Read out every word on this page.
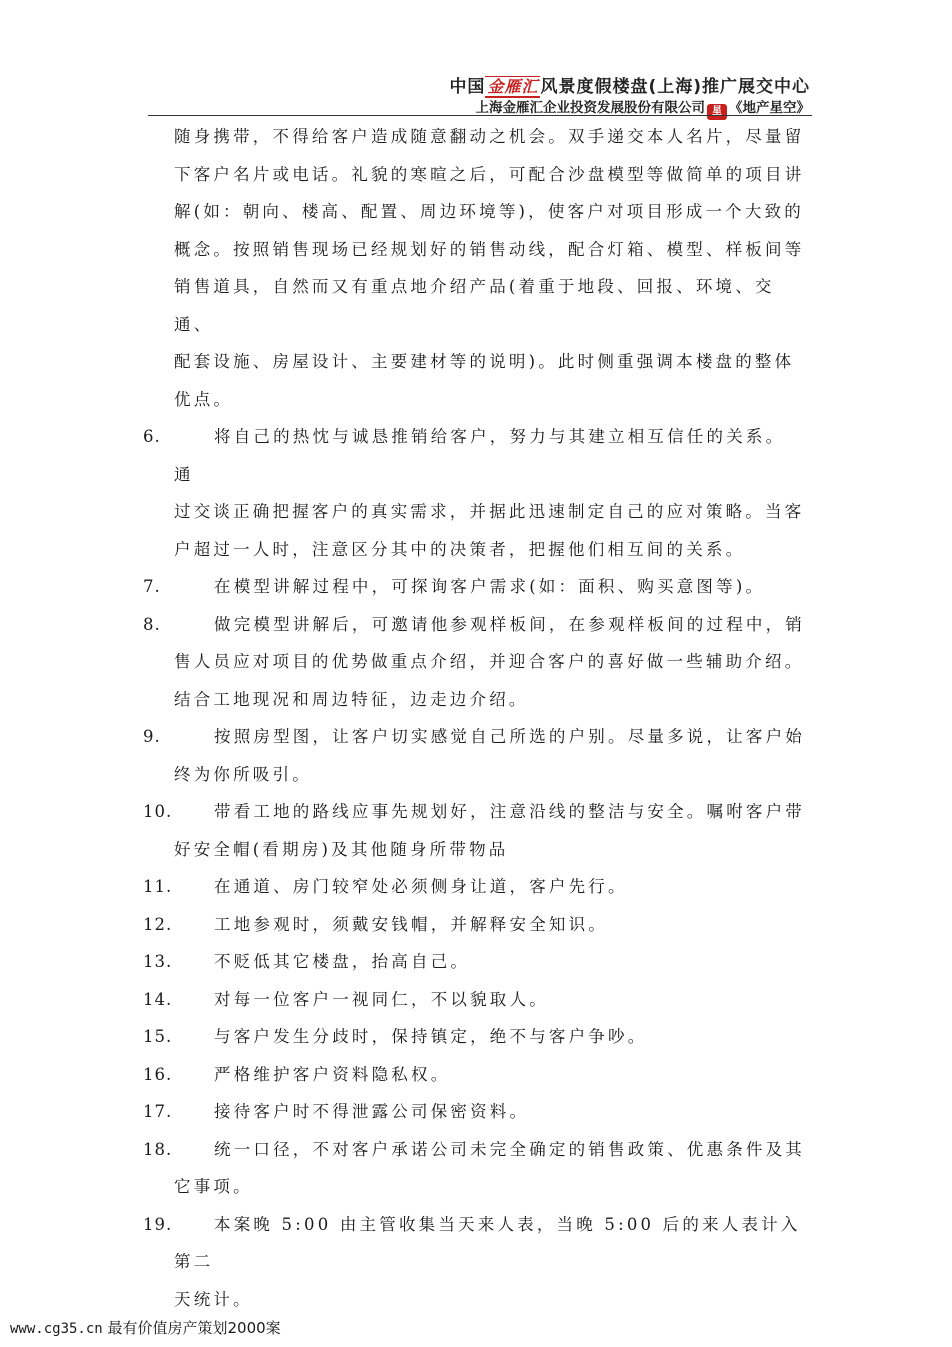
中国 金雁汇 风景度假楼盘(上海)推广展交中心
上海金雁汇企业投资发展股份有限公司 星 《地产星空》

随身携带，不得给客户造成随意翻动之机会。双手递交本人名片，尽量留

下客户名片或电话。礼貌的寒暄之后，可配合沙盘模型等做简单的项目讲

解(如：朝向、楼高、配置、周边环境等)，使客户对项目形成一个大致的

概念。按照销售现场已经规划好的销售动线，配合灯箱、模型、样板间等

销售道具，自然而又有重点地介绍产品(着重于地段、回报、环境、交通、

配套设施、房屋设计、主要建材等的说明)。此时侧重强调本楼盘的整体

优点。

6.	将自己的热忱与诚恳推销给客户，努力与其建立相互信任的关系。 通

过交谈正确把握客户的真实需求，并据此迅速制定自己的应对策略。当客

户超过一人时，注意区分其中的决策者，把握他们相互间的关系。

7.	在模型讲解过程中，可探询客户需求(如：面积、购买意图等)。
8.	做完模型讲解后，可邀请他参观样板间，在参观样板间的过程中，销

售人员应对项目的优势做重点介绍，并迎合客户的喜好做一些辅助介绍。

结合工地现况和周边特征，边走边介绍。

9.	按照房型图，让客户切实感觉自己所选的户别。尽量多说，让客户始

终为你所吸引。

10.	带看工地的路线应事先规划好，注意沿线的整洁与安全。嘱咐客户带

好安全帽(看期房)及其他随身所带物品

11.	在通道、房门较窄处必须侧身让道，客户先行。
12.	工地参观时，须戴安钱帽，并解释安全知识。
13.	不贬低其它楼盘，抬高自己。
14.	对每一位客户一视同仁，不以貌取人。
15.	与客户发生分歧时，保持镇定，绝不与客户争吵。
16.	严格维护客户资料隐私权。
17.	接待客户时不得泄露公司保密资料。
18.	统一口径，不对客户承诺公司未完全确定的销售政策、优惠条件及其

它事项。

19.	本案晚 5:00 由主管收集当天来人表，当晚 5:00 后的来人表计入第二

天统计。

www.cg35.cn 最有价值房产策划2000案
